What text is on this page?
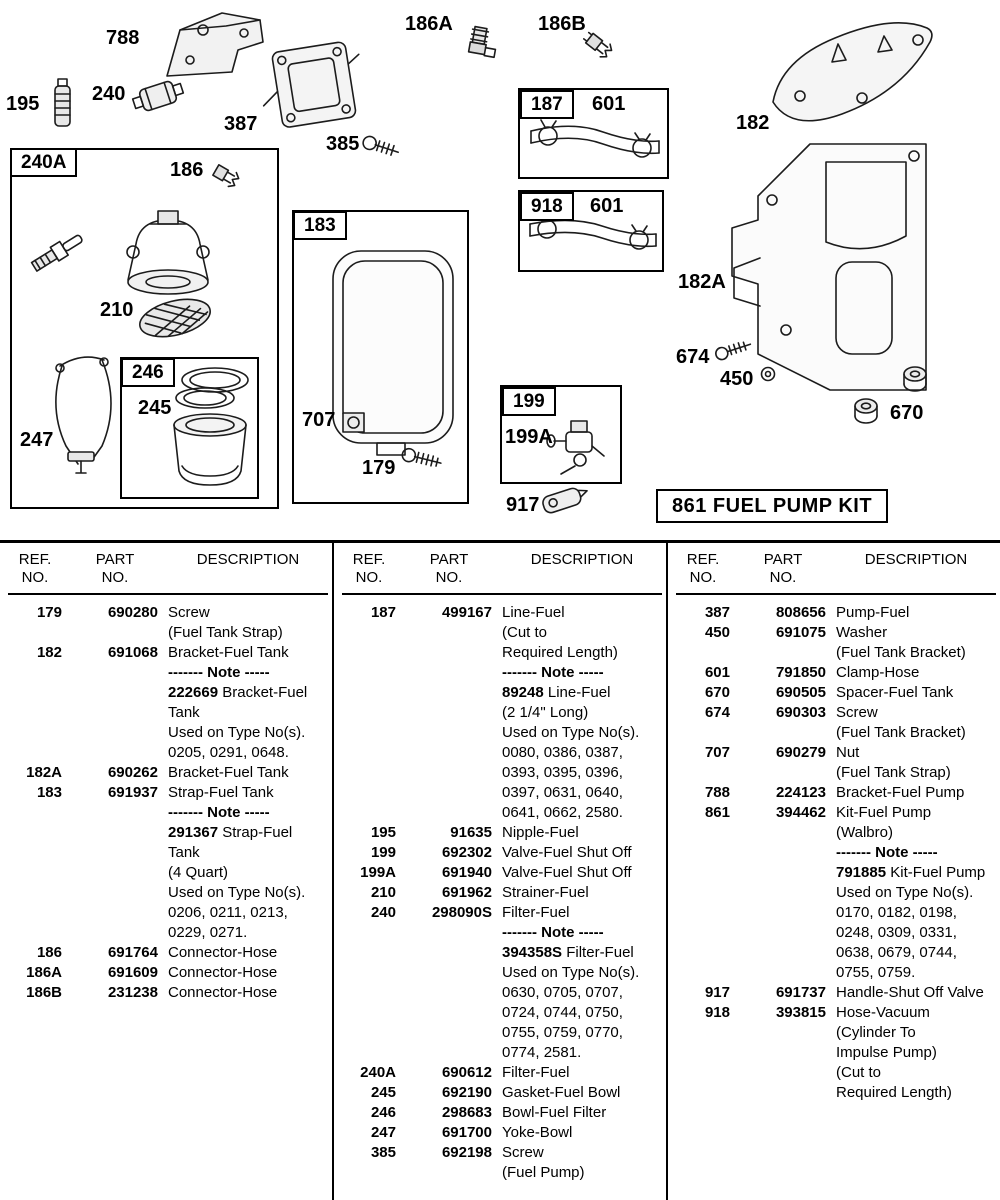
788
186A	186B
195	240
387
385
186
210
245
247
707
179
182
182A
674
450
670
199A
917
601
601
240A
183
187
918
199
246
861 FUEL PUMP KIT
REF.
NO.
PART
NO.
DESCRIPTION
179	690280 Screw
(Fuel Tank Strap)
182	691068 Bracket-Fuel Tank
------- Note -----
222669 Bracket-Fuel
Tank
Used on Type No(s).
0205, 0291, 0648.
182A	690262 Bracket-Fuel Tank
183	691937 Strap-Fuel Tank
------- Note -----
291367 Strap-Fuel
Tank
(4 Quart)
Used on Type No(s).
0206, 0211, 0213,
0229, 0271.
186	691764 Connector-Hose
186A	691609 Connector-Hose
186B	231238 Connector-Hose
REF.
NO.
PART
NO.
DESCRIPTION
187	499167 Line-Fuel
(Cut to
Required Length)
------- Note -----
89248 Line-Fuel
(2 1/4" Long)
Used on Type No(s).
0080, 0386, 0387,
0393, 0395, 0396,
0397, 0631, 0640,
0641, 0662, 2580.
195	91635 Nipple-Fuel
199	692302 Valve-Fuel Shut Off
199A	691940 Valve-Fuel Shut Off
210	691962 Strainer-Fuel
240	298090S Filter-Fuel
------- Note -----
394358S Filter-Fuel
Used on Type No(s).
0630, 0705, 0707,
0724, 0744, 0750,
0755, 0759, 0770,
0774, 2581.
240A	690612 Filter-Fuel
245	692190 Gasket-Fuel Bowl
246	298683 Bowl-Fuel Filter
247	691700 Yoke-Bowl
385	692198 Screw
(Fuel Pump)
REF.
NO.
PART
NO.
DESCRIPTION
387	808656 Pump-Fuel
450	691075 Washer
(Fuel Tank Bracket)
601	791850 Clamp-Hose
670	690505 Spacer-Fuel Tank
674	690303 Screw
(Fuel Tank Bracket)
707	690279 Nut
(Fuel Tank Strap)
788	224123 Bracket-Fuel Pump
861	394462 Kit-Fuel Pump
(Walbro)
------- Note -----
791885 Kit-Fuel Pump
Used on Type No(s).
0170, 0182, 0198,
0248, 0309, 0331,
0638, 0679, 0744,
0755, 0759.
917	691737 Handle-Shut Off Valve
918	393815 Hose-Vacuum
(Cylinder To
Impulse Pump)
(Cut to
Required Length)
